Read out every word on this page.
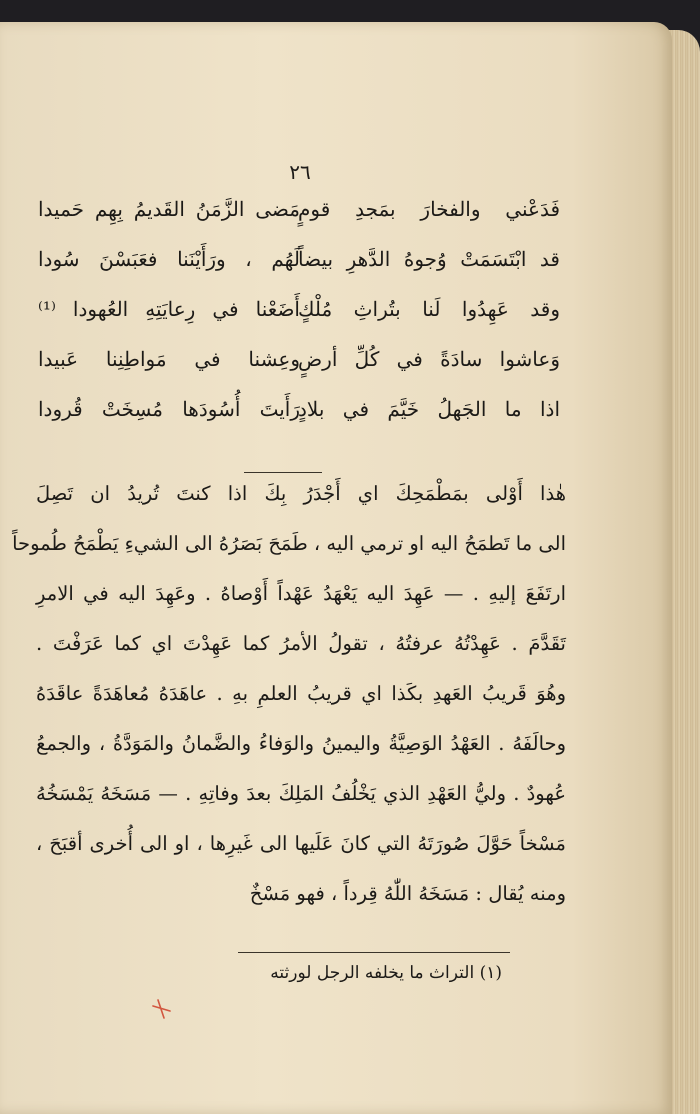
٢٦
فَدَعْني والفخارَ بمَجدِ قومٍ
مَضى الزَّمَنُ القَديمُ بِهِم حَميدا
قد ابْتَسَمَتْ وُجوهُ الدَّهرِ بيضاً
لَهُم ، ورَأَيْنَنا فعَبَسْنَ سُودا
وقد عَهِدُوا لَنا بتُراثِ مُلْكٍ
أَضَعْنا في رِعايَتِهِ العُهودا ⁽¹⁾
وَعاشوا سادَةً في كُلِّ أرضٍ
وعِشنا في مَواطِنِنا عَبيدا
اذا ما الجَهلُ خَيَّمَ في بلادٍ
رَأَيتَ أُسُودَها مُسِخَتْ قُرودا
هٰذا أَوْلى بمَطْمَحِكَ اي أَجْدَرُ بِكَ اذا كنتَ تُريدُ ان تَصِلَ
الى ما تَطمَحُ اليه او ترمي اليه ، طَمَحَ بَصَرُهُ الى الشيءِ يَطْمَحُ طُموحاً
ارتَفَعَ إليهِ . — عَهِدَ اليه يَعْهَدُ عَهْداً أَوْصاهُ . وعَهِدَ اليه في الامرِ
تَقَدَّمَ . عَهِدْتُهُ عرفتُهُ ، تقولُ الأمرُ كما عَهِدْتَ اي كما عَرَفْتَ .
وهُوَ قَريبُ العَهدِ بكَذا اي قريبُ العلمِ بهِ . عاهَدَهُ مُعاهَدَةً عاقَدَهُ
وحالَفَهُ . العَهْدُ الوَصِيَّةُ واليمينُ والوَفاءُ والضَّمانُ والمَوَدَّةُ ، والجمعُ
عُهودٌ . وليُّ العَهْدِ الذي يَخْلُفُ المَلِكَ بعدَ وفاتِهِ . — مَسَخَهُ يَمْسَخُهُ
مَسْخاً حَوَّلَ صُورَتَهُ التي كانَ عَلَيها الى غَيرِها ، او الى أُخرى أقبَحَ ،
ومنه يُقال : مَسَخَهُ اللّٰهُ قِرداً ، فهو مَسْخٌ
(١) التراث ما يخلفه الرجل لورثته
